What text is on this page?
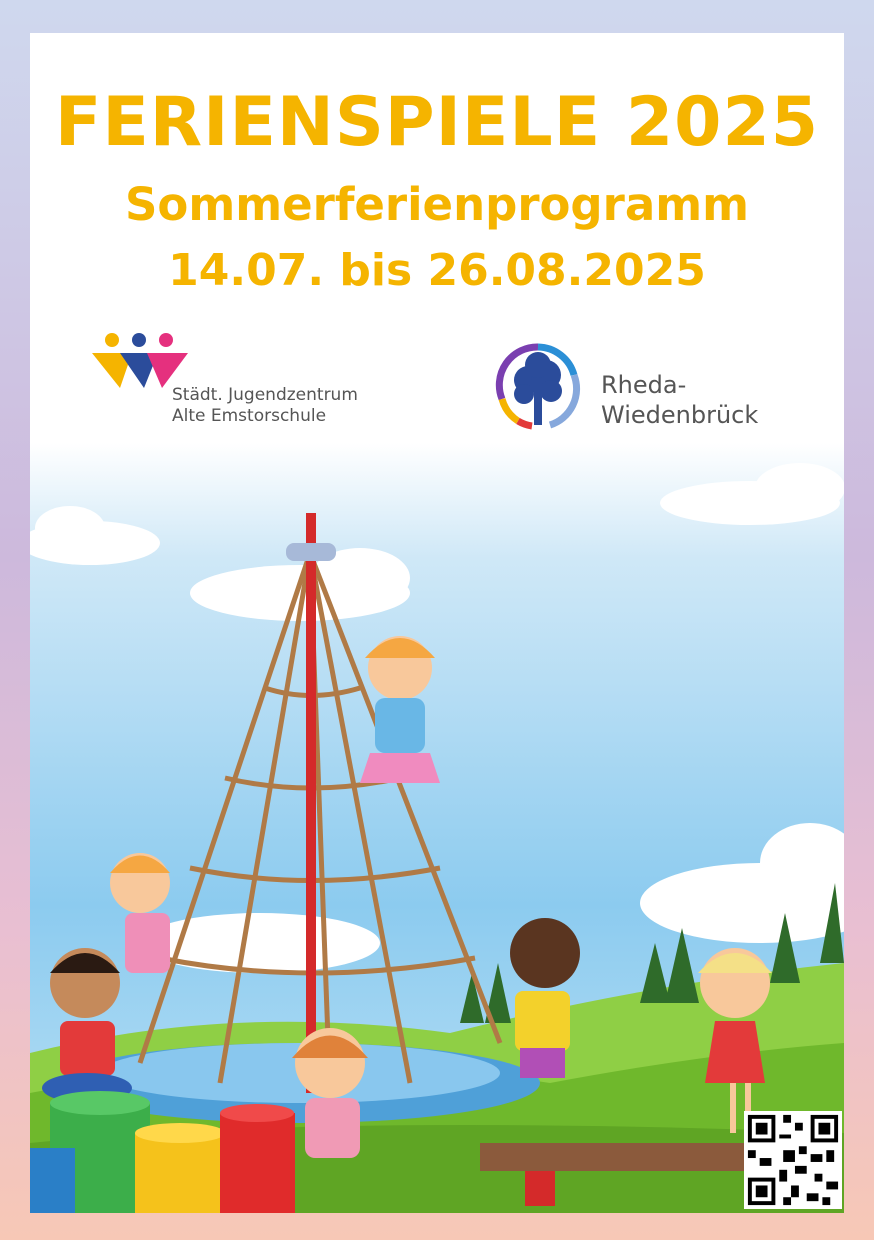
FERIENSPIELE 2025
Sommerferienprogramm
14.07. bis 26.08.2025
Städt. Jugendzentrum
Alte Emstorschule
Rheda-
Wiedenbrück
